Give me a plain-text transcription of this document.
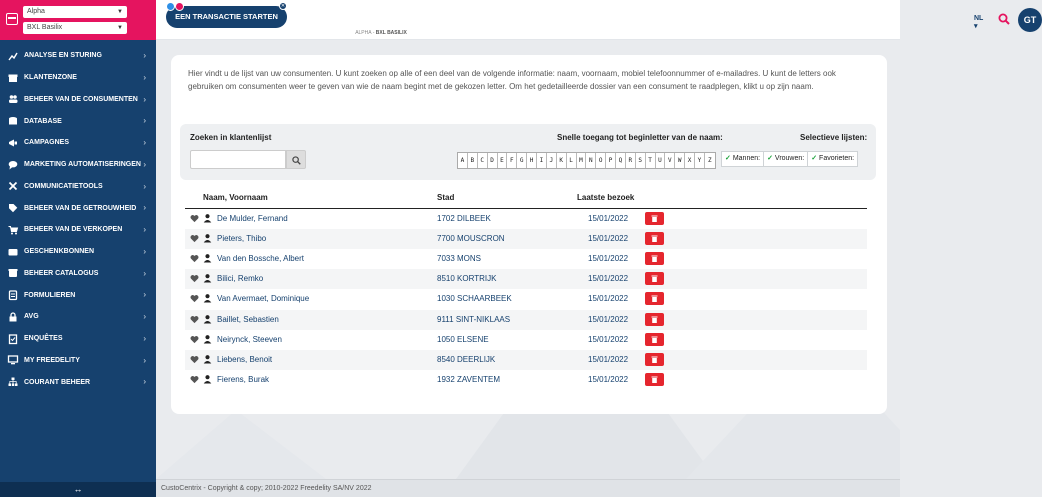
Alpha	▼
BXL Basilix	▼
ANALYSE EN STURING	›
KLANTENZONE	›
BEHEER VAN DE CONSUMENTEN ›
DATABASE	›
CAMPAGNES	›
MARKETING AUTOMATISERINGEN ›
COMMUNICATIETOOLS	›
BEHEER VAN DE GETROUWHEID ›
BEHEER VAN DE VERKOPEN	›
GESCHENKBONNEN	›
BEHEER CATALOGUS	›
FORMULIEREN	›
AVG	›
ENQUÊTES	›
MY FREEDELITY	›
COURANT BEHEER	›
↔
EEN TRANSACTIE STARTEN
ALPHA - BXL BASILIX
NL ▾
GT
✕
Hier vindt u de lijst van uw consumenten. U kunt zoeken op alle of een deel van de volgende informatie: naam, voornaam, mobiel telefoonnummer of e-mailadres. U kunt de letters ook gebruiken om consumenten weer te geven van wie de naam begint met de gekozen letter. Om het gedetailleerde dossier van een consument te raadplegen, klikt u op zijn naam.
Zoeken in klantenlijst	Snelle toegang tot beginletter van de naam:
A	B	C	D	E	F	G	H	I	J	K	L	M	N	O	P	Q	R	S	T	U	V	W	X	Y	Z
Selectieve lijsten:
✓ Mannen:	✓ Vrouwen:	✓ Favorieten:
Naam, Voornaam	Stad	Laatste bezoek
De Mulder, Fernand	1702 DILBEEK	15/01/2022
Pieters, Thibo	7700 MOUSCRON	15/01/2022
Van den Bossche, Albert	7033 MONS	15/01/2022
Bilici, Remko	8510 KORTRIJK	15/01/2022
Van Avermaet, Dominique	1030 SCHAARBEEK	15/01/2022
Baillet, Sebastien	9111 SINT-NIKLAAS	15/01/2022
Neirynck, Steeven	1050 ELSENE	15/01/2022
Liebens, Benoit	8540 DEERLIJK	15/01/2022
Fierens, Burak	1932 ZAVENTEM	15/01/2022
CustoCentrix - Copyright & copy; 2010-2022 Freedelity SA/NV 2022
